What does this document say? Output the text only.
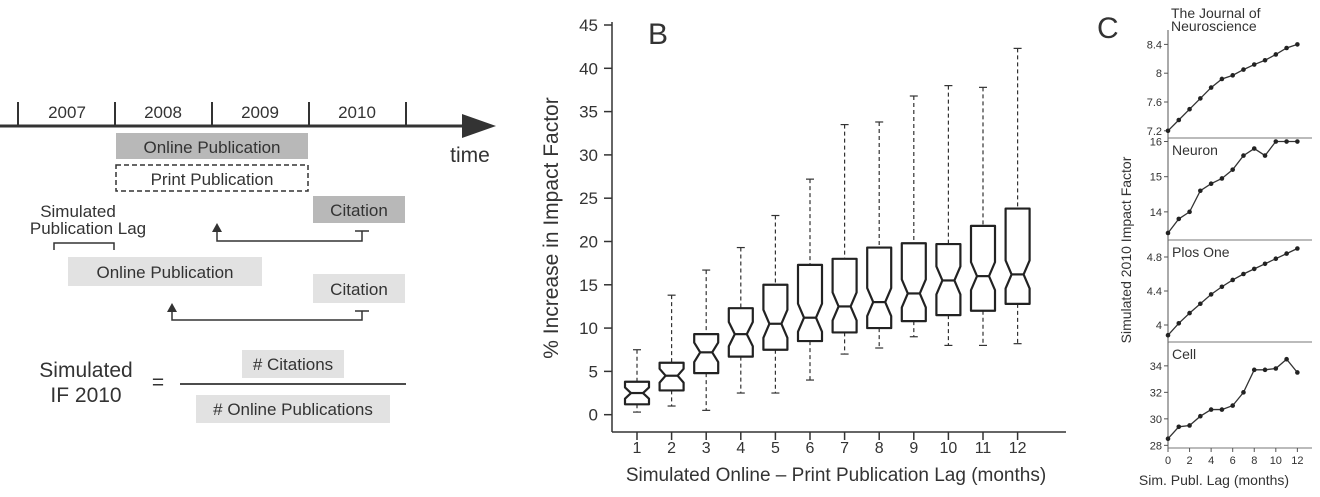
2007	2008	2009	2010
time
Online Publication
Print Publication
Citation
Simulated
Publication Lag
Online Publication
Citation
Simulated
IF 2010
=
# Citations
# Online Publications
B
0
5
10
15
20
25
30
35
40
45
1 2 3 4 5 6 7 8 9 10 11 12
% Increase in Impact Factor
Simulated Online – Print Publication Lag (months)
C
7.2
7.6
8
8.4
The Journal of
Neuroscience
14
15
16 Neuron
4
4.4
4.8 Plos One
28
30
32
34
Cell
0 2 4 6 8 10 12
Simulated 2010 Impact Factor
Sim. Publ. Lag (months)
